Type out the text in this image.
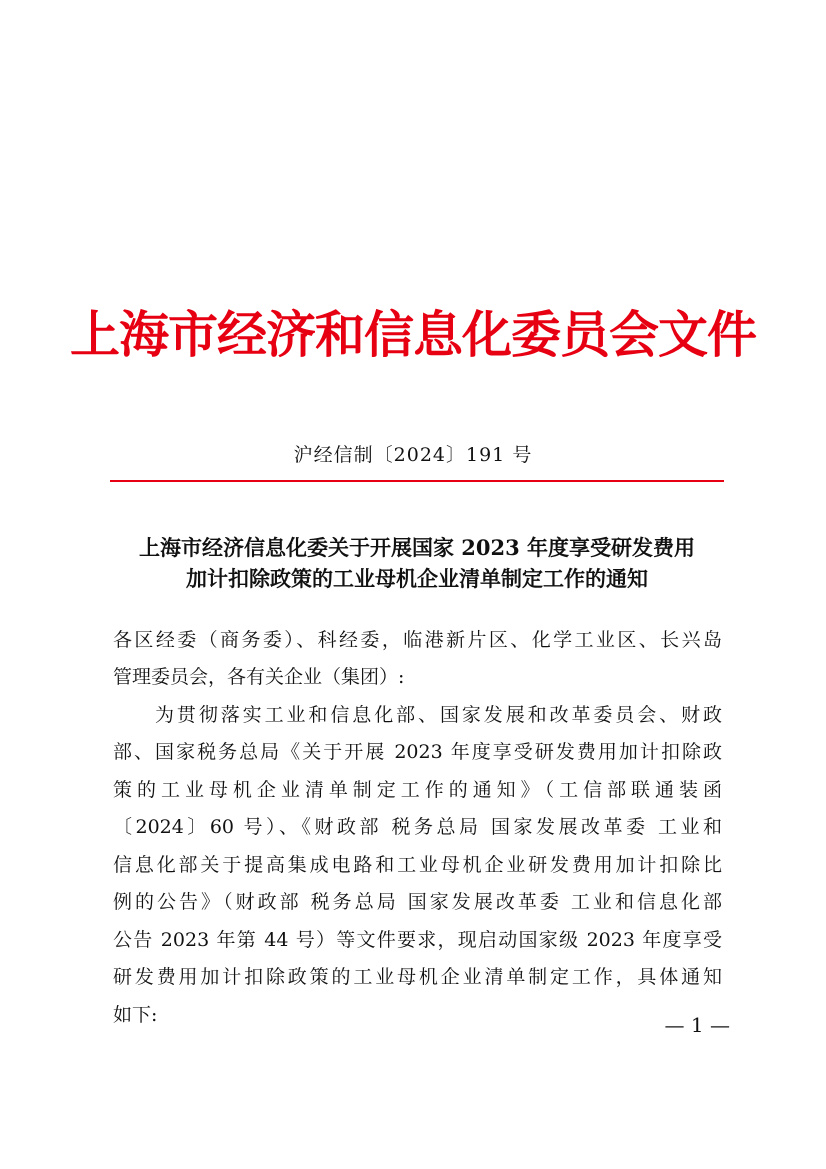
上海市经济和信息化委员会文件
沪经信制〔2024〕191 号
上海市经济信息化委关于开展国家 2023 年度享受研发费用
加计扣除政策的工业母机企业清单制定工作的通知
各区经委（商务委）、科经委，临港新片区、化学工业区、长兴岛
管理委员会，各有关企业（集团）:
为贯彻落实工业和信息化部、国家发展和改革委员会、财政
部、国家税务总局《关于开展 2023 年度享受研发费用加计扣除政
策的工业母机企业清单制定工作的通知》（工信部联通装函
〔2024〕60 号）、《财政部 税务总局 国家发展改革委 工业和
信息化部关于提高集成电路和工业母机企业研发费用加计扣除比
例的公告》（财政部 税务总局 国家发展改革委 工业和信息化部
公告 2023 年第 44 号）等文件要求，现启动国家级 2023 年度享受
研发费用加计扣除政策的工业母机企业清单制定工作，具体通知
如下:	— 1 —
